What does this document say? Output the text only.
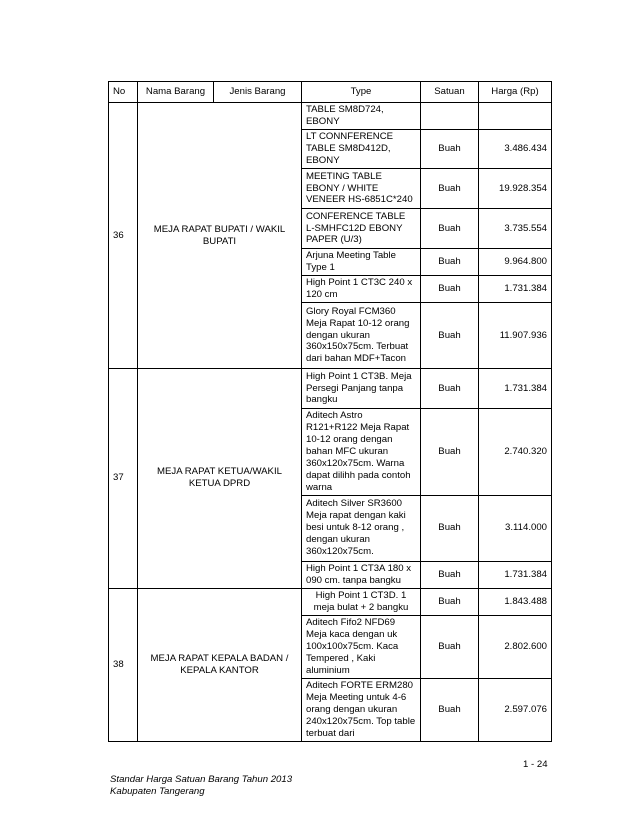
No	Nama Barang	Jenis Barang	Type	Satuan	Harga (Rp)
36	MEJA RAPAT BUPATI / WAKIL BUPATI		TABLE SM8D724, EBONY		
			LT CONNFERENCE TABLE SM8D412D, EBONY	Buah	3.486.434
			MEETING TABLE EBONY / WHITE VENEER HS-6851C*240	Buah	19.928.354
			CONFERENCE TABLE L-SMHFC12D EBONY PAPER (U/3)	Buah	3.735.554
			Arjuna Meeting Table Type 1	Buah	9.964.800
			High Point 1 CT3C 240 x 120 cm	Buah	1.731.384
			Glory Royal FCM360 Meja Rapat 10-12 orang dengan ukuran 360x150x75cm. Terbuat dari bahan MDF+Tacon	Buah	11.907.936
37	MEJA RAPAT KETUA/WAKIL KETUA DPRD		High Point 1 CT3B. Meja Persegi Panjang tanpa bangku	Buah	1.731.384
			Aditech Astro R121+R122 Meja Rapat 10-12 orang dengan bahan MFC ukuran 360x120x75cm. Warna dapat dilihh pada contoh warna	Buah	2.740.320
			Aditech Silver SR3600 Meja rapat dengan kaki besi untuk 8-12 orang , dengan ukuran 360x120x75cm.	Buah	3.114.000
			High Point 1 CT3A 180 x 090 cm. tanpa bangku	Buah	1.731.384
38	MEJA RAPAT KEPALA BADAN / KEPALA KANTOR		High Point 1 CT3D. 1 meja bulat + 2 bangku	Buah	1.843.488
			Aditech Fifo2 NFD69 Meja kaca dengan uk 100x100x75cm. Kaca Tempered , Kaki aluminium	Buah	2.802.600
			Aditech FORTE ERM280 Meja Meeting untuk 4-6 orang dengan ukuran 240x120x75cm. Top table terbuat dari	Buah	2.597.076
Standar Harga Satuan Barang Tahun 2013
Kabupaten Tangerang
1 - 24
